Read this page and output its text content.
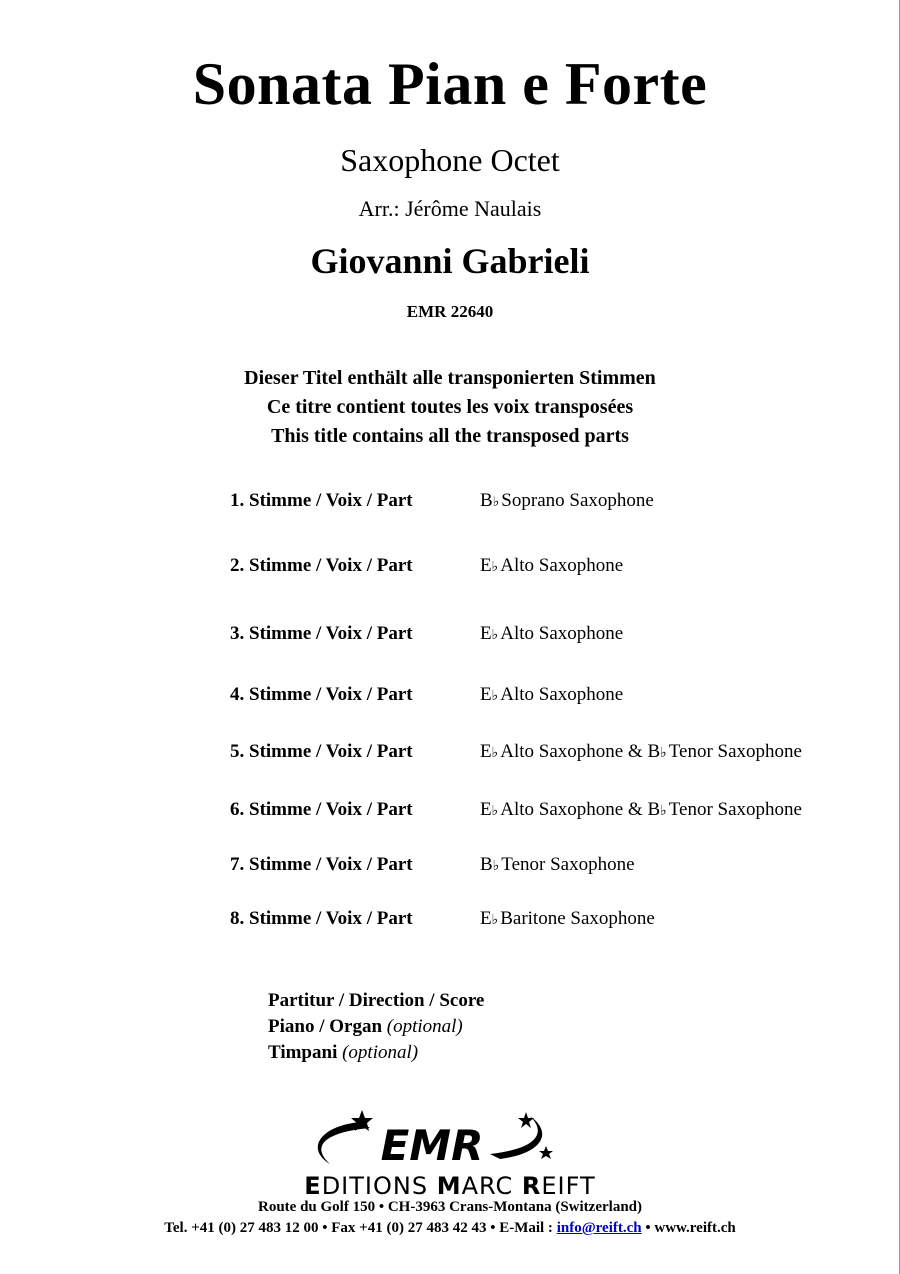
Sonata Pian e Forte
Saxophone Octet
Arr.: Jérôme Naulais
Giovanni Gabrieli
EMR 22640
Dieser Titel enthält alle transponierten Stimmen
Ce titre contient toutes les voix transposées
This title contains all the transposed parts
1. Stimme / Voix / Part	B♭ Soprano Saxophone
2. Stimme / Voix / Part	E♭ Alto Saxophone
3. Stimme / Voix / Part	E♭ Alto Saxophone
4. Stimme / Voix / Part	E♭ Alto Saxophone
5. Stimme / Voix / Part	E♭ Alto Saxophone & B♭ Tenor Saxophone
6. Stimme / Voix / Part	E♭ Alto Saxophone & B♭ Tenor Saxophone
7. Stimme / Voix / Part	B♭ Tenor Saxophone
8. Stimme / Voix / Part	E♭ Baritone Saxophone
Partitur / Direction / Score
Piano / Organ (optional)
Timpani (optional)
EMR
EDITIONS MARC REIFT
Route du Golf 150 • CH-3963 Crans-Montana (Switzerland)
Tel. +41 (0) 27 483 12 00 • Fax +41 (0) 27 483 42 43 • E-Mail : info@reift.ch • www.reift.ch
